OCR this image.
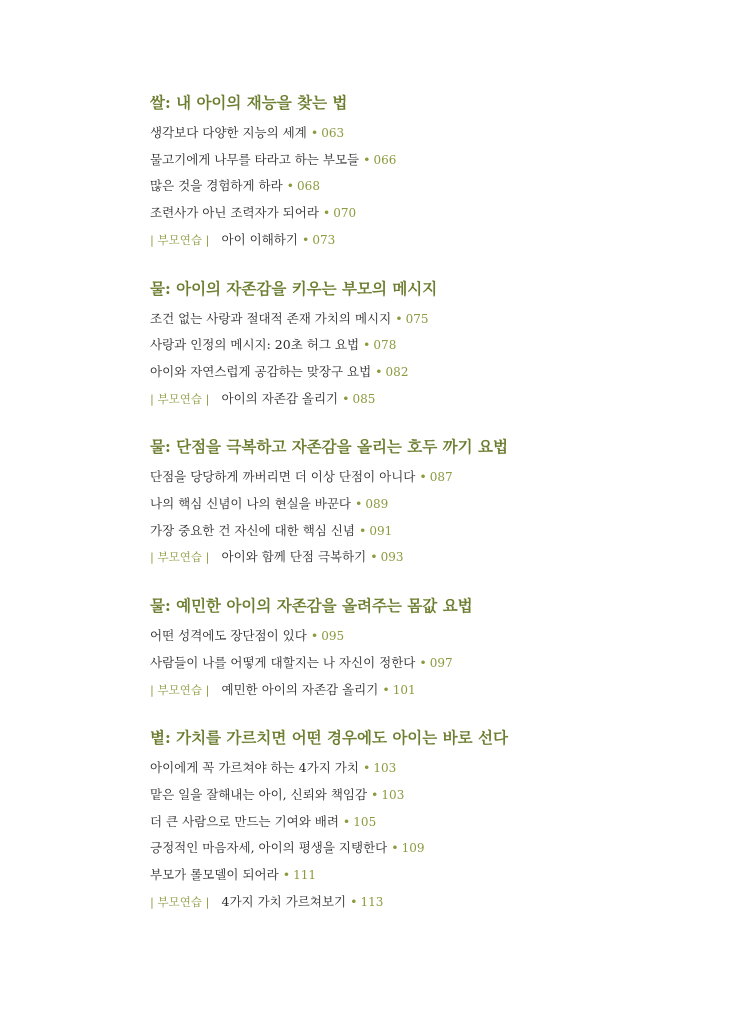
쌀: 내 아이의 재능을 찾는 법
생각보다 다양한 지능의 세계 • 063
물고기에게 나무를 타라고 하는 부모들 • 066
많은 것을 경험하게 하라 • 068
조련사가 아닌 조력자가 되어라 • 070
| 부모연습 | 아이 이해하기 • 073
물: 아이의 자존감을 키우는 부모의 메시지
조건 없는 사랑과 절대적 존재 가치의 메시지 • 075
사랑과 인정의 메시지: 20초 허그 요법 • 078
아이와 자연스럽게 공감하는 맞장구 요법 • 082
| 부모연습 | 아이의 자존감 올리기 • 085
물: 단점을 극복하고 자존감을 올리는 호두 까기 요법
단점을 당당하게 까버리면 더 이상 단점이 아니다 • 087
나의 핵심 신념이 나의 현실을 바꾼다 • 089
가장 중요한 건 자신에 대한 핵심 신념 • 091
| 부모연습 | 아이와 함께 단점 극복하기 • 093
물: 예민한 아이의 자존감을 올려주는 몸값 요법
어떤 성격에도 장단점이 있다 • 095
사람들이 나를 어떻게 대할지는 나 자신이 정한다 • 097
| 부모연습 | 예민한 아이의 자존감 올리기 • 101
볕: 가치를 가르치면 어떤 경우에도 아이는 바로 선다
아이에게 꼭 가르쳐야 하는 4가지 가치 • 103
맡은 일을 잘해내는 아이, 신뢰와 책임감 • 103
더 큰 사람으로 만드는 기여와 배려 • 105
긍정적인 마음자세, 아이의 평생을 지탱한다 • 109
부모가 롤모델이 되어라 • 111
| 부모연습 | 4가지 가치 가르쳐보기 • 113
